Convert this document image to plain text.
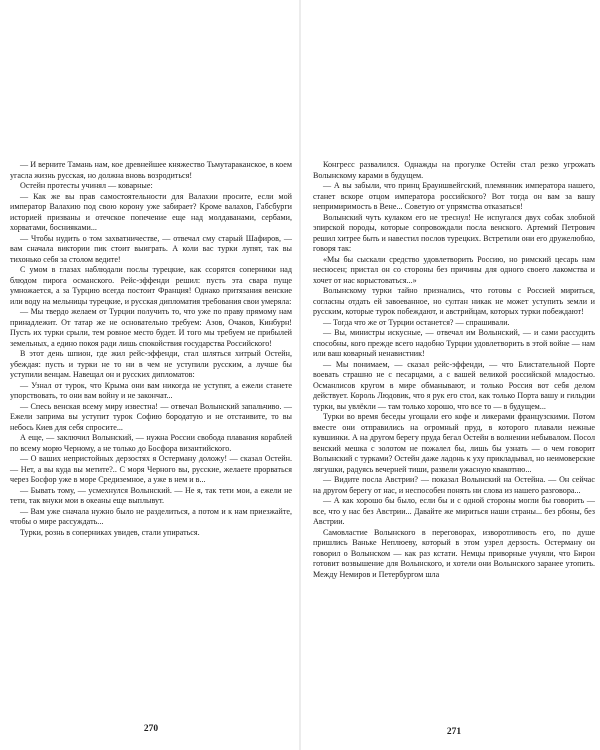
— И верните Тамань нам, кое древнейшее княжество Тьмутараканское, в коем угасла жизнь русская, но должна вновь возродиться!

Остейн протесты учинял — коварные:

— Как же вы прав самостоятельности для Валахии просите, если мой император Валахию под свою корону уже забирает? Кроме валахов, Габсбурги историей призваны и отечское попечение еще над молдаванами, сербами, хорватами, боснияками...

— Чтобы нудить о том захватничестве, — отвечал сму старый Шафиров, — вам сначала виктории пик стоит выиграть. А коли вас турки лупят, так вы тихонько себя за столом ведите!

С умом в глазах наблюдали послы турецкие, как ссорятся соперники над блюдом пирога османского. Рейс-эффенди решил: пусть эта свара пуще умножается, а за Турцию всегда постоит Франция! Однако притязания венские или воду на мельницы турецкие, и русская дипломатия требования свои умеряла:

— Мы твердо желаем от Турции получить то, что уже по праву прямому нам принадлежит. От татар же не основательно требуем: Азов, Очаков, Кинбурн! Пусть их турки срыли, тем ровное место будет. И того мы требуем не прибылей земельных, а едино покоя ради лишь спокойствия государства Российского!

В этот день шпион, где жил рейс-эффенди, стал шляться хитрый Остейн, убеждая: пусть и турки не то ни в чем не уступили русским, а лучше бы уступили венцам. Навещал он и русских дипломатов:

— Узнал от турок, что Крыма они вам никогда не уступят, а ежели станете упорствовать, то они вам войну и не закончат...

— Спесь венская всему миру известна! — отвечал Волынский запальчиво. — Ежели заприма вы уступит турок Софию бородатую и не отстаивите, то вы небось Киев для себя спросите...

А еще, — заключил Волынский, — нужна России свобода плавания кораблей по всему морю Черному, а не только до Босфора византийского.

— О ваших непристойных дерзостях я Остерману доложу! — сказал Остейн. — Нет, а вы куда вы метите?.. С моря Черного вы, русские, желаете прорваться через Босфор уже в море Средиземное, а уже в нем и в...

— Бывать тому, — усмехнулся Волынский. — Не я, так тети мои, а ежели не тети, так внуки мои в океаны еще выплывут.

— Вам уже сначала нужно было не разделиться, а потом и к нам приезжайте, чтобы о мире рассуждать...

Турки, рознь в соперниках увидев, стали упираться.

270

Конгресс развалился. Однажды на прогулке Остейн стал резко угрожать Волынскому карами в будущем.

— А вы забыли, что принц Брауншвейгский, племянник императора нашего, станет вскоре отцом императора российского? Вот тогда он вам за вашу непримиримость в Вене... Советую от упрямства отказаться!

Волынский чуть кулаком его не треснул! Не испугался двух собак злобной эпирской породы, которые сопровождали посла венского. Артемий Петрович решил хитрее быть и навестил послов турецких. Встретили они его дружелюбно, говоря так:

«Мы бы сыскали средство удовлетворить Россию, но римский цесарь нам несносен; пристал он со стороны без причины для одного своего лакомства и хочет от нас корыстоваться...»

Волынскому турки тайно признались, что готовы с Россией мириться, согласны отдать ей завоеванное, но султан никак не может уступить земли и русским, которые турок побеждают, и австрийцам, которых турки побеждают!

— Тогда что же от Турции останется? — спрашивали.

— Вы, министры искусные, — отвечал им Волынский, — и сами рассудить способны, кого прежде всего надобно Турции удовлетворить в этой войне — нам или ваш коварный ненавистник!

— Мы понимаем, — сказал рейс-эффенди, — что Блистательной Порте воевать страшно не с песарцами, а с вашей великой российской младостью. Османлисов кругом в мире обманывают, и только Россия вот себя делом действует. Король Людовик, что я рук его стол, как только Порта вашу и гильдии турки, вы увлёкли — там только хорошо, что все то — в будущем...

Турки во время беседы угощали его кофе и ликерами французскими. Потом вместе они отправились на огромный пруд, в которого плавали нежные кувшинки. А на другом берегу пруда бегал Остейн в волнении небывалом. Посол венский мешка с золотом не пожалел бы, лишь бы узнать — о чем говорит Волынский с турками? Остейн даже ладонь к уху прикладывал, но неимоверские лягушки, радуясь вечерней тиши, развели ужасную квакотню...

— Видите посла Австрии? — показал Волынский на Остейна. — Он сейчас на другом берегу от нас, и неспособен понять ни слова из нашего разговора...

— А как хорошо бы было, если бы и с одной стороны могли бы говорить — все, что у нас без Австрии... Давайте же мириться наши страны... без рбоны, без Австрии.

Самовластие Волынского в переговорах, изворотливость его, по душе пришлись Ваньке Неплюеву, который в этом узрел дерзость. Остерману он говорил о Волынском — как раз кстати. Немцы приворные учуяли, что Бирон готовит возвышение для Волынского, и хотели они Волынского заранее утопить. Между Немиров и Петербургом шла

271
